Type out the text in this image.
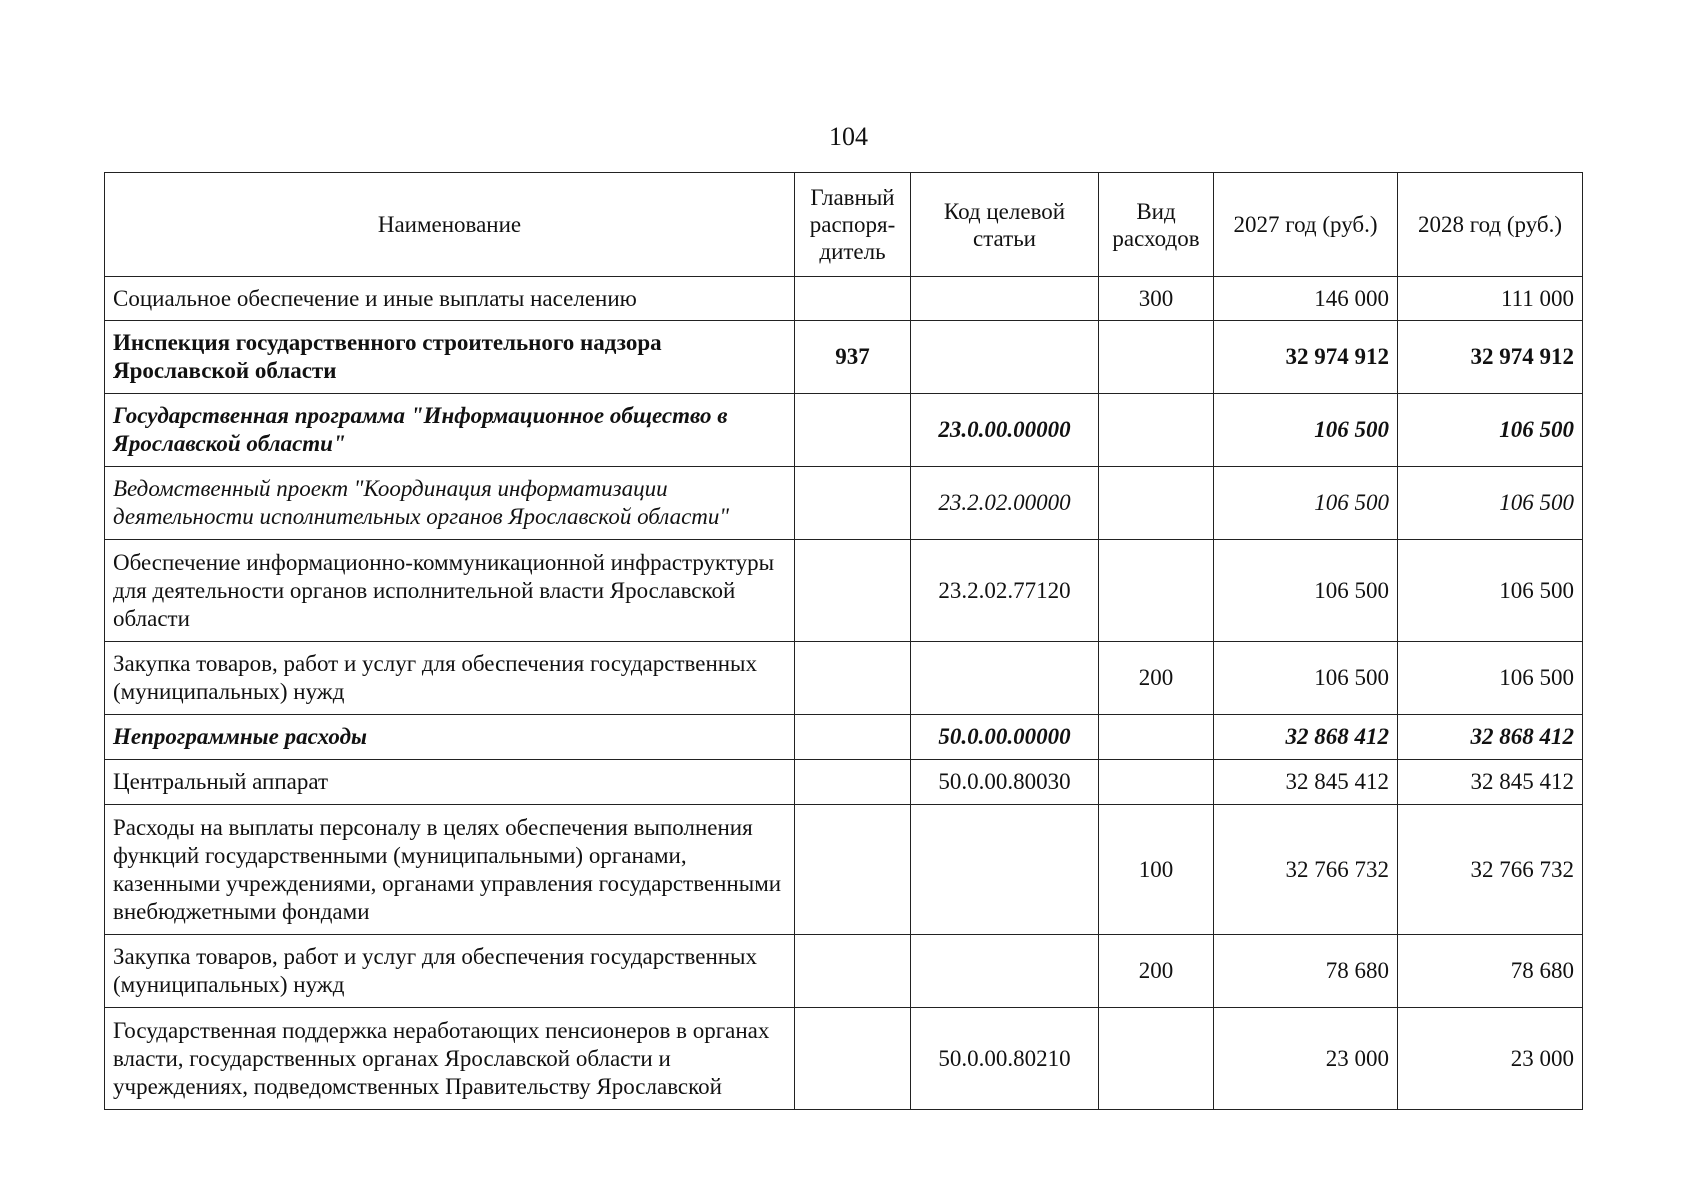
104
Наименование	Главный распоря-дитель	Код целевой статьи	Вид расходов	2027 год (руб.)	2028 год (руб.)
Социальное обеспечение и иные выплаты населению			300	146 000	111 000
Инспекция государственного строительного надзора Ярославской области	937			32 974 912	32 974 912
Государственная программа "Информационное общество в Ярославской области"		23.0.00.00000		106 500	106 500
Ведомственный проект "Координация информатизации деятельности исполнительных органов Ярославской области"		23.2.02.00000		106 500	106 500
Обеспечение информационно-коммуникационной инфраструктуры для деятельности органов исполнительной власти Ярославской области		23.2.02.77120		106 500	106 500
Закупка товаров, работ и услуг для обеспечения государственных (муниципальных) нужд			200	106 500	106 500
Непрограммные расходы		50.0.00.00000		32 868 412	32 868 412
Центральный аппарат		50.0.00.80030		32 845 412	32 845 412
Расходы на выплаты персоналу в целях обеспечения выполнения функций государственными (муниципальными) органами, казенными учреждениями, органами управления государственными внебюджетными фондами			100	32 766 732	32 766 732
Закупка товаров, работ и услуг для обеспечения государственных (муниципальных) нужд			200	78 680	78 680
Государственная поддержка неработающих пенсионеров в органах власти, государственных органах Ярославской области и учреждениях, подведомственных Правительству Ярославской		50.0.00.80210		23 000	23 000
